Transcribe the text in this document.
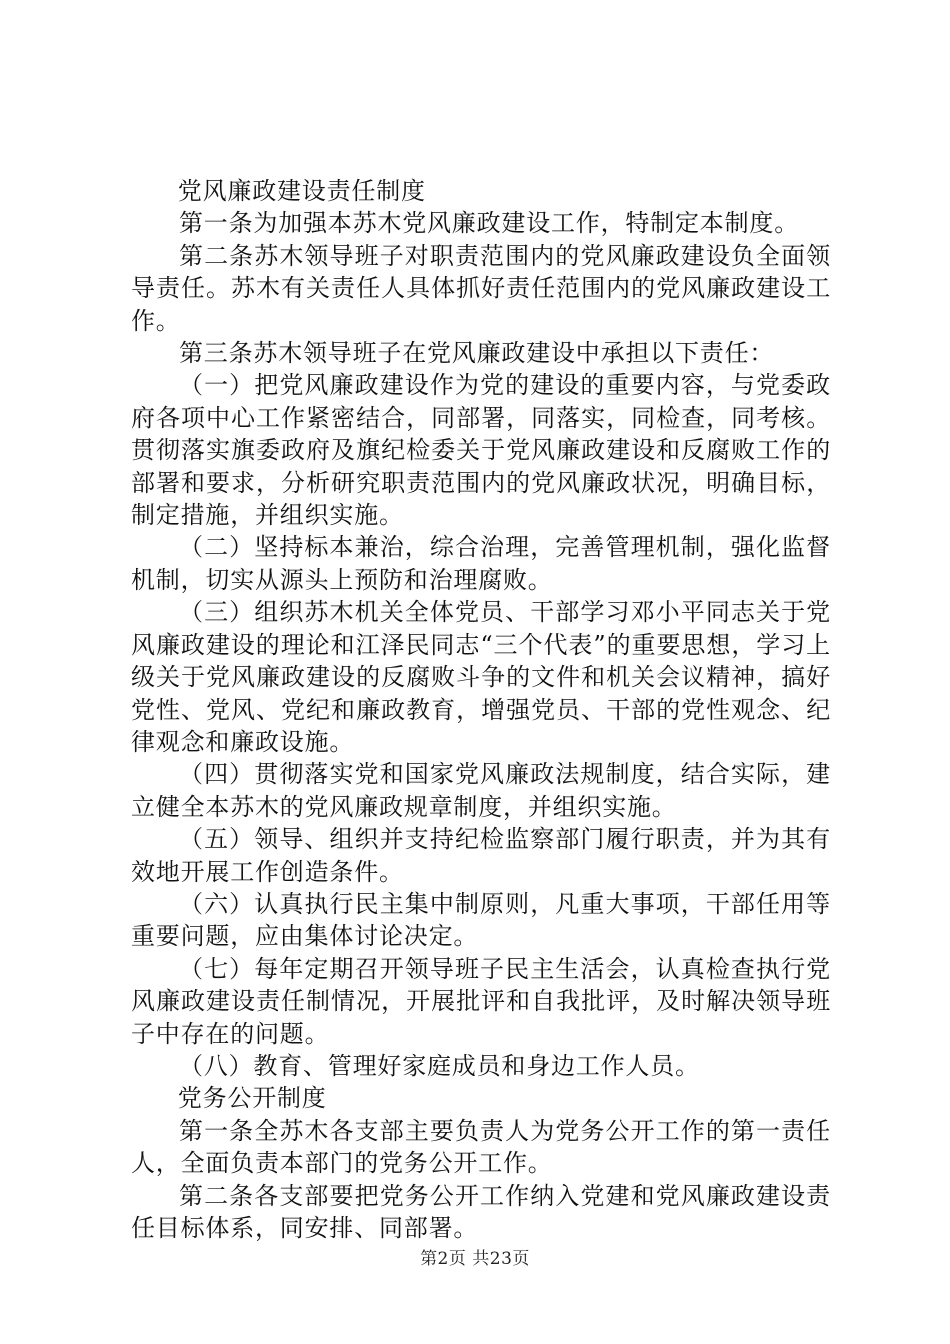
党风廉政建设责任制度

第一条为加强本苏木党风廉政建设工作，特制定本制度。

第二条苏木领导班子对职责范围内的党风廉政建设负全面领导责任。苏木有关责任人具体抓好责任范围内的党风廉政建设工作。

第三条苏木领导班子在党风廉政建设中承担以下责任：

（一）把党风廉政建设作为党的建设的重要内容，与党委政府各项中心工作紧密结合，同部署，同落实，同检查，同考核。贯彻落实旗委政府及旗纪检委关于党风廉政建设和反腐败工作的部署和要求，分析研究职责范围内的党风廉政状况，明确目标，制定措施，并组织实施。

（二）坚持标本兼治，综合治理，完善管理机制，强化监督机制，切实从源头上预防和治理腐败。

（三）组织苏木机关全体党员、干部学习邓小平同志关于党风廉政建设的理论和江泽民同志“三个代表”的重要思想，学习上级关于党风廉政建设的反腐败斗争的文件和机关会议精神，搞好党性、党风、党纪和廉政教育，增强党员、干部的党性观念、纪律观念和廉政设施。

（四）贯彻落实党和国家党风廉政法规制度，结合实际，建立健全本苏木的党风廉政规章制度，并组织实施。

（五）领导、组织并支持纪检监察部门履行职责，并为其有效地开展工作创造条件。

（六）认真执行民主集中制原则，凡重大事项，干部任用等重要问题，应由集体讨论决定。

（七）每年定期召开领导班子民主生活会，认真检查执行党风廉政建设责任制情况，开展批评和自我批评，及时解决领导班子中存在的问题。

（八）教育、管理好家庭成员和身边工作人员。

党务公开制度

第一条全苏木各支部主要负责人为党务公开工作的第一责任人，全面负责本部门的党务公开工作。

第二条各支部要把党务公开工作纳入党建和党风廉政建设责任目标体系，同安排、同部署。

第2页 共23页
